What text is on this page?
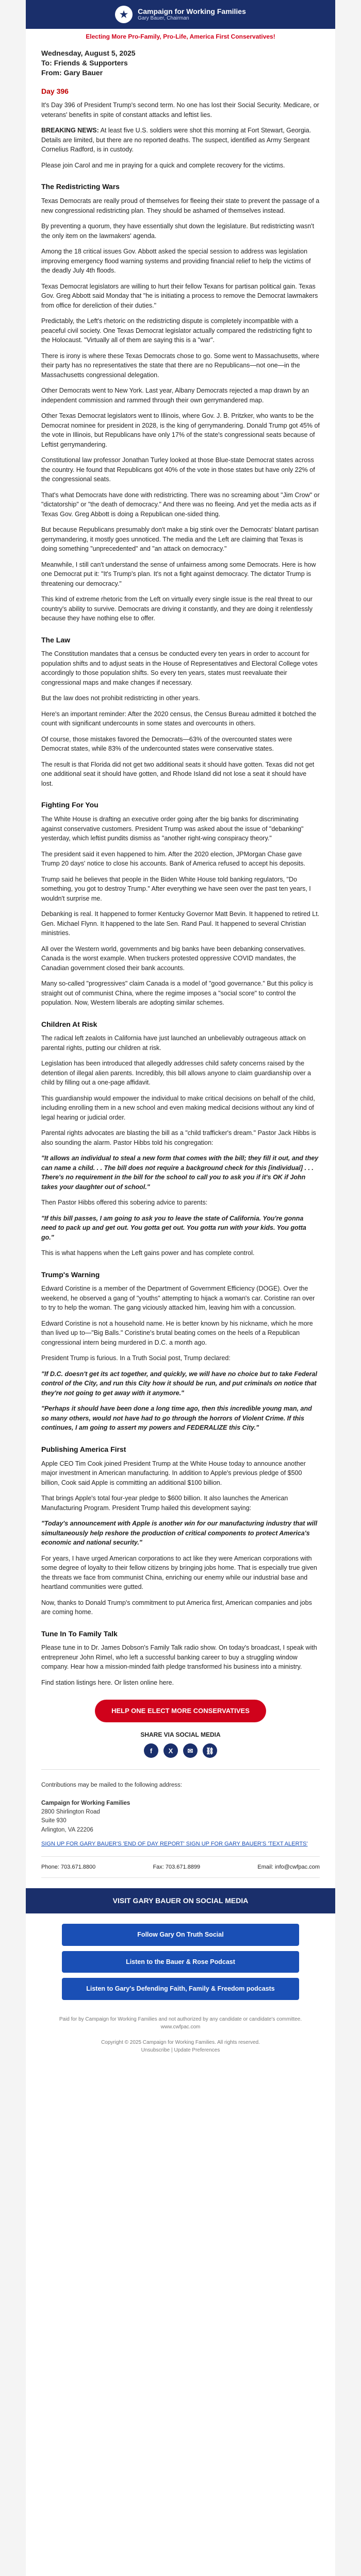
★	Campaign for Working Families
Gary Bauer, Chairman
Electing More Pro-Family, Pro-Life, America First Conservatives!
Wednesday, August 5, 2025
To: Friends & Supporters
From: Gary Bauer
Day 396

It's Day 396 of President Trump's second term. No one has lost their Social Security. Medicare, or veterans' benefits in spite of constant attacks and leftist lies.

BREAKING NEWS: At least five U.S. soldiers were shot this morning at Fort Stewart, Georgia. Details are limited, but there are no reported deaths. The suspect, identified as Army Sergeant Cornelius Radford, is in custody.

Please join Carol and me in praying for a quick and complete recovery for the victims.

The Redistricting Wars

Texas Democrats are really proud of themselves for fleeing their state to prevent the passage of a new congressional redistricting plan. They should be ashamed of themselves instead.

By preventing a quorum, they have essentially shut down the legislature. But redistricting wasn't the only item on the lawmakers' agenda.

Among the 18 critical issues Gov. Abbott asked the special session to address was legislation improving emergency flood warning systems and providing financial relief to help the victims of the deadly July 4th floods.

Texas Democrat legislators are willing to hurt their fellow Texans for partisan political gain. Texas Gov. Greg Abbott said Monday that "he is initiating a process to remove the Democrat lawmakers from office for dereliction of their duties."

Predictably, the Left's rhetoric on the redistricting dispute is completely incompatible with a peaceful civil society. One Texas Democrat legislator actually compared the redistricting fight to the Holocaust. "Virtually all of them are saying this is a "war".

There is irony is where these Texas Democrats chose to go. Some went to Massachusetts, where their party has no representatives the state that there are no Republicans—not one—in the Massachusetts congressional delegation.

Other Democrats went to New York. Last year, Albany Democrats rejected a map drawn by an independent commission and rammed through their own gerrymandered map.

Other Texas Democrat legislators went to Illinois, where Gov. J. B. Pritzker, who wants to be the Democrat nominee for president in 2028, is the king of gerrymandering. Donald Trump got 45% of the vote in Illinois, but Republicans have only 17% of the state's congressional seats because of Leftist gerrymandering.

Constitutional law professor Jonathan Turley looked at those Blue-state Democrat states across the country. He found that Republicans got 40% of the vote in those states but have only 22% of the congressional seats.

That's what Democrats have done with redistricting. There was no screaming about "Jim Crow" or "dictatorship" or "the death of democracy." And there was no fleeing. And yet the media acts as if Texas Gov. Greg Abbott is doing a Republican one-sided thing.

But because Republicans presumably don't make a big stink over the Democrats' blatant partisan gerrymandering, it mostly goes unnoticed. The media and the Left are claiming that Texas is doing something "unprecedented" and "an attack on democracy."

Meanwhile, I still can't understand the sense of unfairness among some Democrats. Here is how one Democrat put it: "It's Trump's plan. It's not a fight against democracy. The dictator Trump is threatening our democracy."

This kind of extreme rhetoric from the Left on virtually every single issue is the real threat to our country's ability to survive. Democrats are driving it constantly, and they are doing it relentlessly because they have nothing else to offer.

The Law

The Constitution mandates that a census be conducted every ten years in order to account for population shifts and to adjust seats in the House of Representatives and Electoral College votes accordingly to those population shifts. So every ten years, states must reevaluate their congressional maps and make changes if necessary.

But the law does not prohibit redistricting in other years.

Here's an important reminder: After the 2020 census, the Census Bureau admitted it botched the count with significant undercounts in some states and overcounts in others.

Of course, those mistakes favored the Democrats—63% of the overcounted states were Democrat states, while 83% of the undercounted states were conservative states.

The result is that Florida did not get two additional seats it should have gotten. Texas did not get one additional seat it should have gotten, and Rhode Island did not lose a seat it should have lost.

Fighting For You

The White House is drafting an executive order going after the big banks for discriminating against conservative customers. President Trump was asked about the issue of "debanking" yesterday, which leftist pundits dismiss as "another right-wing conspiracy theory."

The president said it even happened to him. After the 2020 election, JPMorgan Chase gave Trump 20 days' notice to close his accounts. Bank of America refused to accept his deposits.

Trump said he believes that people in the Biden White House told banking regulators, "Do something, you got to destroy Trump." After everything we have seen over the past ten years, I wouldn't surprise me.

Debanking is real. It happened to former Kentucky Governor Matt Bevin. It happened to retired Lt. Gen. Michael Flynn. It happened to the late Sen. Rand Paul. It happened to several Christian ministries.

All over the Western world, governments and big banks have been debanking conservatives. Canada is the worst example. When truckers protested oppressive COVID mandates, the Canadian government closed their bank accounts.

Many so-called "progressives" claim Canada is a model of "good governance." But this policy is straight out of communist China, where the regime imposes a "social score" to control the population. Now, Western liberals are adopting similar schemes.

Children At Risk

The radical left zealots in California have just launched an unbelievably outrageous attack on parental rights, putting our children at risk.

Legislation has been introduced that allegedly addresses child safety concerns raised by the detention of illegal alien parents. Incredibly, this bill allows anyone to claim guardianship over a child by filling out a one-page affidavit.

This guardianship would empower the individual to make critical decisions on behalf of the child, including enrolling them in a new school and even making medical decisions without any kind of legal hearing or judicial order.

Parental rights advocates are blasting the bill as a "child trafficker's dream." Pastor Jack Hibbs is also sounding the alarm. Pastor Hibbs told his congregation:

"It allows an individual to steal a new form that comes with the bill; they fill it out, and they can name a child. . . The bill does not require a background check for this [individual] . . . There's no requirement in the bill for the school to call you to ask you if it's OK if John takes your daughter out of school."

Then Pastor Hibbs offered this sobering advice to parents:

"If this bill passes, I am going to ask you to leave the state of California. You're gonna need to pack up and get out. You gotta get out. You gotta run with your kids. You gotta go."

This is what happens when the Left gains power and has complete control.

Trump's Warning

Edward Coristine is a member of the Department of Government Efficiency (DOGE). Over the weekend, he observed a gang of "youths" attempting to hijack a woman's car. Coristine ran over to try to help the woman. The gang viciously attacked him, leaving him with a concussion.

Edward Coristine is not a household name. He is better known by his nickname, which he more than lived up to—"Big Balls." Coristine's brutal beating comes on the heels of a Republican congressional intern being murdered in D.C. a month ago.

President Trump is furious. In a Truth Social post, Trump declared:

"If D.C. doesn't get its act together, and quickly, we will have no choice but to take Federal control of the City, and run this City how it should be run, and put criminals on notice that they're not going to get away with it anymore."

"Perhaps it should have been done a long time ago, then this incredible young man, and so many others, would not have had to go through the horrors of Violent Crime. If this continues, I am going to assert my powers and FEDERALIZE this City."

Publishing America First

Apple CEO Tim Cook joined President Trump at the White House today to announce another major investment in American manufacturing. In addition to Apple's previous pledge of $500 billion, Cook said Apple is committing an additional $100 billion.

That brings Apple's total four-year pledge to $600 billion. It also launches the American Manufacturing Program. President Trump hailed this development saying:

"Today's announcement with Apple is another win for our manufacturing industry that will simultaneously help reshore the production of critical components to protect America's economic and national security."

For years, I have urged American corporations to act like they were American corporations with some degree of loyalty to their fellow citizens by bringing jobs home. That is especially true given the threats we face from communist China, enriching our enemy while our industrial base and heartland communities were gutted.

Now, thanks to Donald Trump's commitment to put America first, American companies and jobs are coming home.

Tune In To Family Talk

Please tune in to Dr. James Dobson's Family Talk radio show. On today's broadcast, I speak with entrepreneur John Rimel, who left a successful banking career to buy a struggling window company. Hear how a mission-minded faith pledge transformed his business into a ministry.

Find station listings here. Or listen online here.

HELP ONE ELECT MORE CONSERVATIVES
SHARE VIA SOCIAL MEDIA
f	X	✉	⛓
Contributions may be mailed to the following address:

Campaign for Working Families
2800 Shirlington Road
Suite 930
Arlington, VA 22206
SIGN UP FOR GARY BAUER'S 'END OF DAY REPORT' SIGN UP FOR GARY BAUER'S 'TEXT ALERTS'
Phone: 703.671.8800	Fax: 703.671.8899	Email: info@cwfpac.com
VISIT GARY BAUER ON SOCIAL MEDIA
Follow Gary On Truth Social
Listen to the Bauer & Rose Podcast
Listen to Gary's Defending Faith, Family & Freedom podcasts
Paid for by Campaign for Working Families and not authorized by any candidate or candidate's committee. www.cwfpac.com

Copyright © 2025 Campaign for Working Families. All rights reserved.
Unsubscribe | Update Preferences
